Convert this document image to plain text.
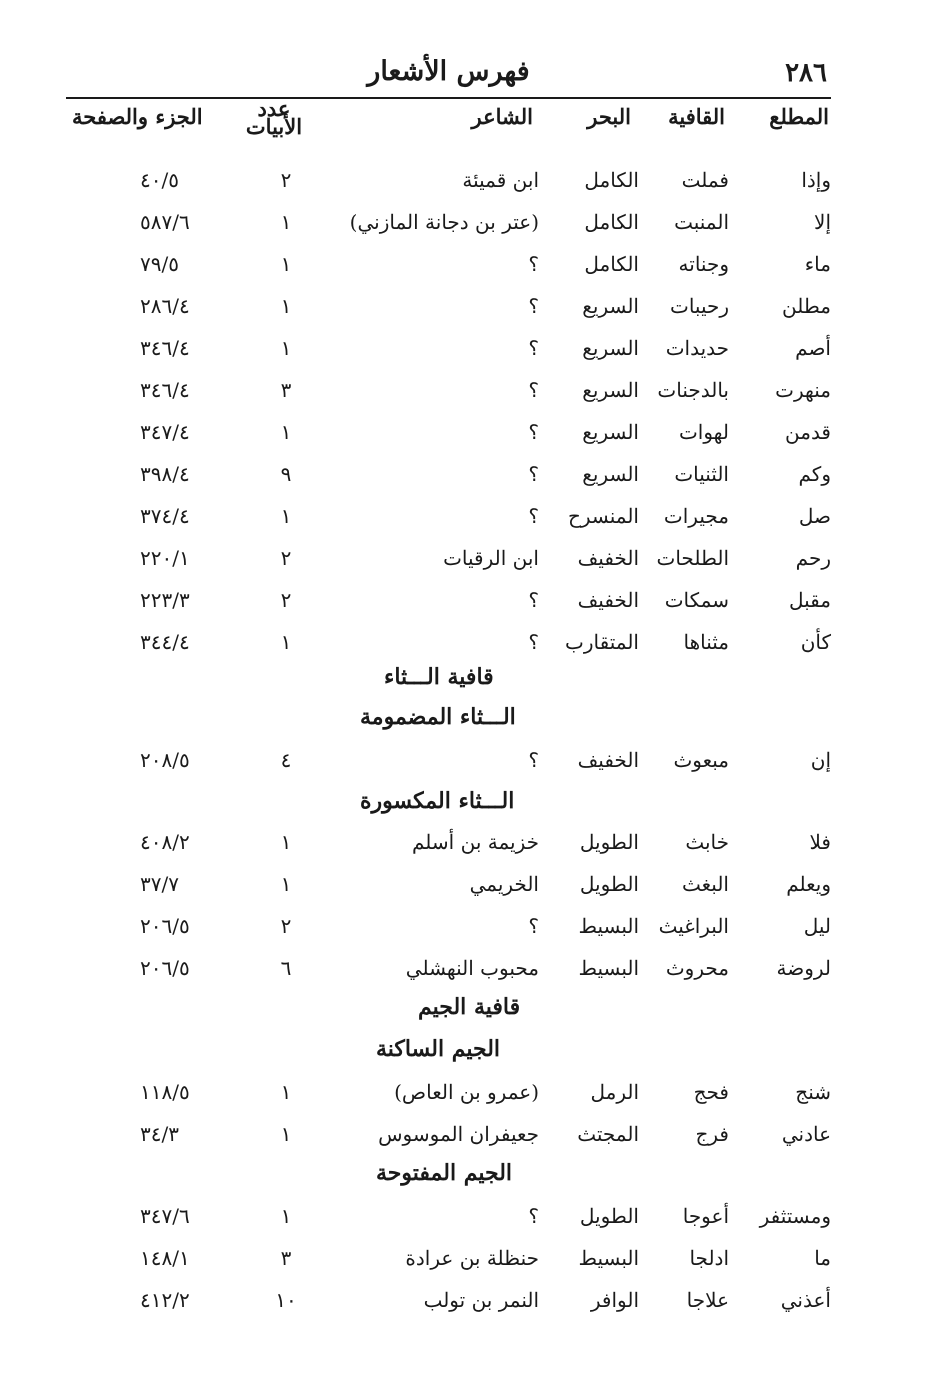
٢٨٦
فهرس الأشعار
المطلع
القافية
البحر
الشاعر
عدد
الأبيات
الجزء والصفحة
وإذا
فملت
الكامل
ابن قميئة
٢
٤٠/٥
إلا
المنبت
الكامل
(عتر بن دجانة المازني)
١
٥٨٧/٦
ماء
وجناته
الكامل
؟
١
٧٩/٥
مطلن
رحيبات
السريع
؟
١
٢٨٦/٤
أصم
حديدات
السريع
؟
١
٣٤٦/٤
منهرت
بالدجنات
السريع
؟
٣
٣٤٦/٤
قدمن
لهوات
السريع
؟
١
٣٤٧/٤
وكم
الثنيات
السريع
؟
٩
٣٩٨/٤
صل
مجيرات
المنسرح
؟
١
٣٧٤/٤
رحم
الطلحات
الخفيف
ابن الرقيات
٢
٢٢٠/١
مقبل
سمكات
الخفيف
؟
٢
٢٢٣/٣
كأن
مثناها
المتقارب
؟
١
٣٤٤/٤
قافية الـــثاء
الـــثاء المضمومة
إن
مبعوث
الخفيف
؟
٤
٢٠٨/٥
الـــثاء المكسورة
فلا
خابث
الطويل
خزيمة بن أسلم
١
٤٠٨/٢
ويعلم
البغث
الطويل
الخريمي
١
٣٧/٧
ليل
البراغيث
البسيط
؟
٢
٢٠٦/٥
لروضة
محروث
البسيط
محبوب النهشلي
٦
٢٠٦/٥
قافية الجيم
الجيم الساكنة
شنج
فحج
الرمل
(عمرو بن العاص)
١
١١٨/٥
عادني
فرج
المجتث
جعيفران الموسوس
١
٣٤/٣
الجيم المفتوحة
ومستثفر
أعوجا
الطويل
؟
١
٣٤٧/٦
ما
ادلجا
البسيط
حنظلة بن عرادة
٣
١٤٨/١
أعذني
علاجا
الوافر
النمر بن تولب
١٠
٤١٢/٢
